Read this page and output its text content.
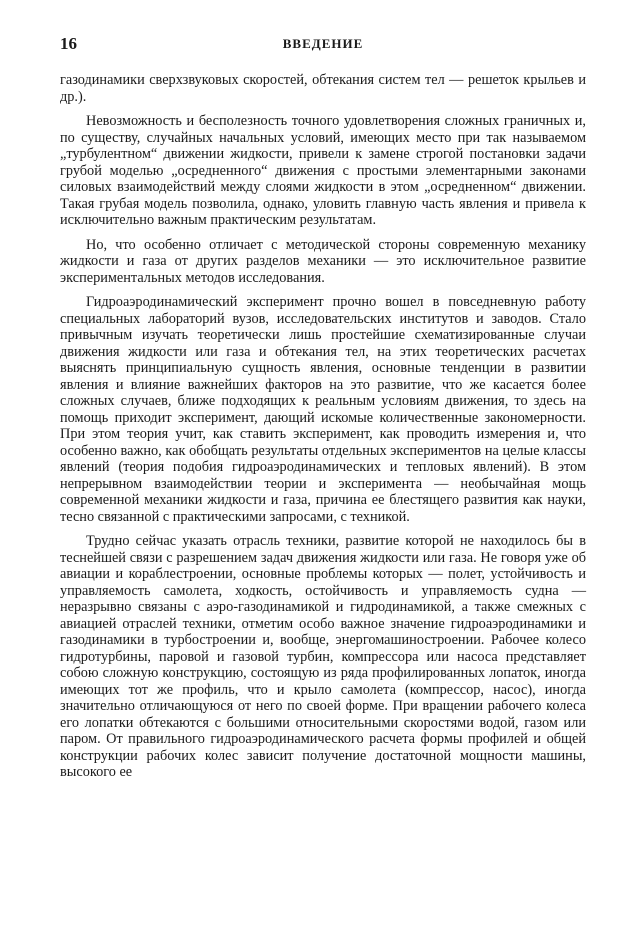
16	ВВЕДЕНИЕ

газодинамики сверхзвуковых скоростей, обтекания систем тел — решеток крыльев и др.).

Невозможность и бесполезность точного удовлетворения сложных граничных и, по существу, случайных начальных условий, имеющих место при так называемом „турбулентном“ движении жидкости, привели к замене строгой постановки задачи грубой моделью „осредненного“ движения с простыми элементарными законами силовых взаимодействий между слоями жидкости в этом „осредненном“ движении. Такая грубая модель позволила, однако, уловить главную часть явления и привела к исключительно важным практическим результатам.

Но, что особенно отличает с методической стороны современную механику жидкости и газа от других разделов механики — это исключительное развитие экспериментальных методов исследования.

Гидроаэродинамический эксперимент прочно вошел в повседневную работу специальных лабораторий вузов, исследовательских институтов и заводов. Стало привычным изучать теоретически лишь простейшие схематизированные случаи движения жидкости или газа и обтекания тел, на этих теоретических расчетах выяснять принципиальную сущность явления, основные тенденции в развитии явления и влияние важнейших факторов на это развитие, что же касается более сложных случаев, ближе подходящих к реальным условиям движения, то здесь на помощь приходит эксперимент, дающий искомые количественные закономерности. При этом теория учит, как ставить эксперимент, как проводить измерения и, что особенно важно, как обобщать результаты отдельных экспериментов на целые классы явлений (теория подобия гидроаэродинамических и тепловых явлений). В этом непрерывном взаимодействии теории и эксперимента — необычайная мощь современной механики жидкости и газа, причина ее блестящего развития как науки, тесно связанной с практическими запросами, с техникой.

Трудно сейчас указать отрасль техники, развитие которой не находилось бы в теснейшей связи с разрешением задач движения жидкости или газа. Не говоря уже об авиации и кораблестроении, основные проблемы которых — полет, устойчивость и управляемость самолета, ходкость, остойчивость и управляемость судна — неразрывно связаны с аэро-газодинамикой и гидродинамикой, а также смежных с авиацией отраслей техники, отметим особо важное значение гидроаэродинамики и газодинамики в турбостроении и, вообще, энергомашиностроении. Рабочее колесо гидротурбины, паровой и газовой турбин, компрессора или насоса представляет собою сложную конструкцию, состоящую из ряда профилированных лопаток, иногда имеющих тот же профиль, что и крыло самолета (компрессор, насос), иногда значительно отличающуюся от него по своей форме. При вращении рабочего колеса его лопатки обтекаются с большими относительными скоростями водой, газом или паром. От правильного гидроаэродинамического расчета формы профилей и общей конструкции рабочих колес зависит получение достаточной мощности машины, высокого ее
